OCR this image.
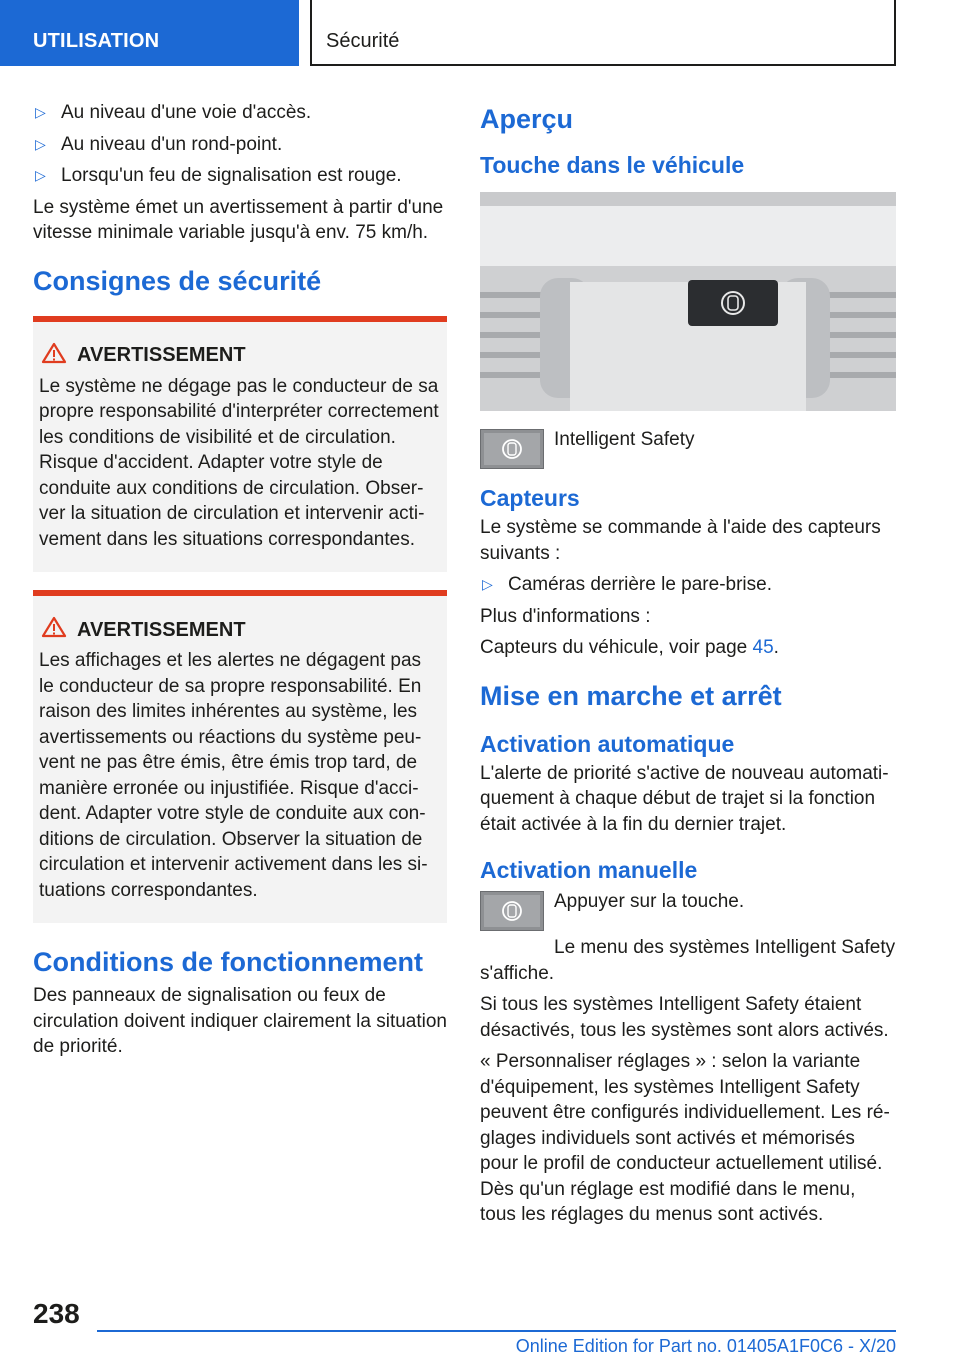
UTILISATION	Sécurité
▷ Au niveau d'une voie d'accès.
▷ Au niveau d'un rond-point.
▷ Lorsqu'un feu de signalisation est rouge.

Le système émet un avertissement à partir d'une vitesse minimale variable jusqu'à env. 75 km/h.

Consignes de sécurité
AVERTISSEMENT

Le système ne dégage pas le conducteur de sa propre responsabilité d'interpréter correctement les conditions de visibilité et de circulation. Risque d'accident. Adapter votre style de conduite aux conditions de circulation. Observer la situation de circulation et intervenir activement dans les situations correspondantes.

AVERTISSEMENT

Les affichages et les alertes ne dégagent pas le conducteur de sa propre responsabilité. En raison des limites inhérentes au système, les avertissements ou réactions du système peuvent ne pas être émis, être émis trop tard, de manière erronée ou injustifiée. Risque d'accident. Adapter votre style de conduite aux conditions de circulation. Observer la situation de circulation et intervenir activement dans les situations correspondantes.

Conditions de fonctionnement

Des panneaux de signalisation ou feux de circulation doivent indiquer clairement la situation de priorité.

Aperçu
Touche dans le véhicule
Intelligent Safety
Capteurs

Le système se commande à l'aide des capteurs suivants :

▷ Caméras derrière le pare-brise.

Plus d'informations :

Capteurs du véhicule, voir page 45.

Mise en marche et arrêt
Activation automatique

L'alerte de priorité s'active de nouveau automatiquement à chaque début de trajet si la fonction était activée à la fin du dernier trajet.

Activation manuelle
Appuyer sur la touche.

Le menu des systèmes Intelligent Safety s'affiche.

Si tous les systèmes Intelligent Safety étaient désactivés, tous les systèmes sont alors activés.

« Personnaliser réglages » : selon la variante d'équipement, les systèmes Intelligent Safety peuvent être configurés individuellement. Les réglages individuels sont activés et mémorisés pour le profil de conducteur actuellement utilisé. Dès qu'un réglage est modifié dans le menu, tous les réglages du menus sont activés.

238
Online Edition for Part no. 01405A1F0C6 - X/20
